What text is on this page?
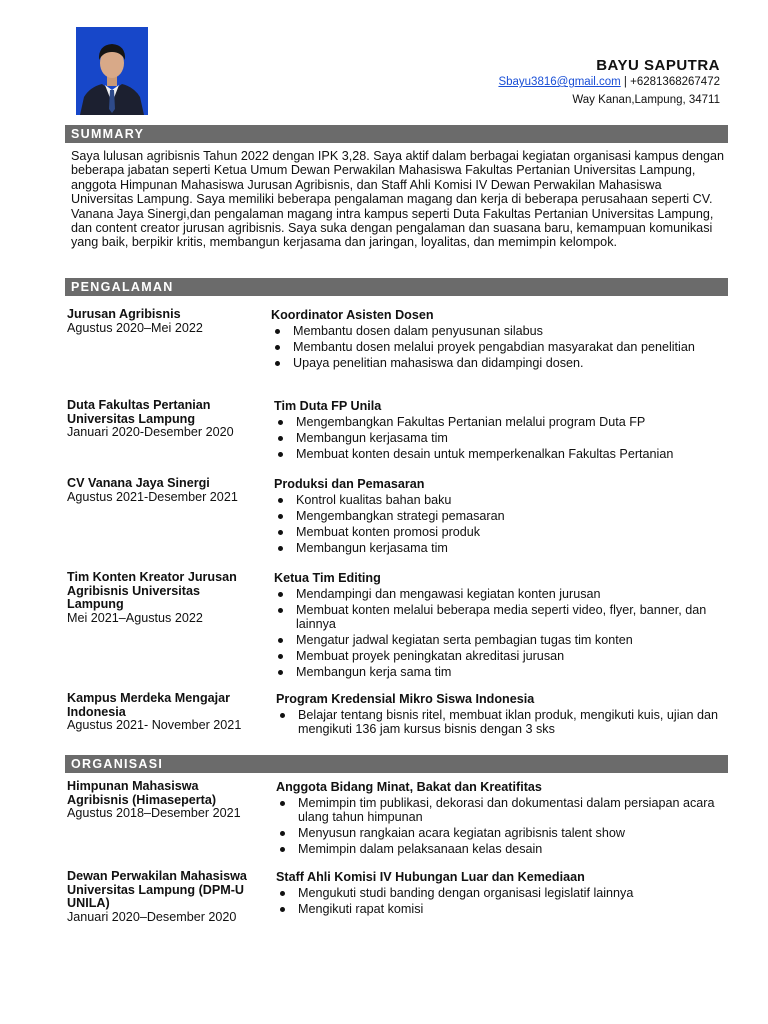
BAYU SAPUTRA
Sbayu3816@gmail.com | +6281368267472
Way Kanan,Lampung, 34711
SUMMARY
Saya lulusan agribisnis Tahun 2022 dengan IPK 3,28. Saya aktif dalam berbagai kegiatan organisasi kampus dengan beberapa jabatan seperti Ketua Umum Dewan Perwakilan Mahasiswa Fakultas Pertanian Universitas Lampung, anggota Himpunan Mahasiswa Jurusan Agribisnis, dan Staff Ahli Komisi IV Dewan Perwakilan Mahasiswa Universitas Lampung. Saya memiliki beberapa pengalaman magang dan kerja di beberapa perusahaan seperti CV. Vanana Jaya Sinergi,dan pengalaman magang intra kampus seperti Duta Fakultas Pertanian Universitas Lampung, dan content creator jurusan agribisnis. Saya suka dengan pengalaman dan suasana baru, kemampuan komunikasi yang baik, berpikir kritis, membangun kerjasama dan jaringan, loyalitas, dan memimpin kelompok.
PENGALAMAN
Jurusan Agribisnis
Agustus 2020–Mei 2022
Koordinator Asisten Dosen
Membantu dosen dalam penyusunan silabus
Membantu dosen melalui proyek pengabdian masyarakat dan penelitian
Upaya penelitian mahasiswa dan didampingi dosen.
Duta Fakultas Pertanian Universitas Lampung
Januari 2020-Desember 2020
Tim Duta FP Unila
Mengembangkan Fakultas Pertanian melalui program Duta FP
Membangun kerjasama tim
Membuat konten desain untuk memperkenalkan Fakultas Pertanian
CV Vanana Jaya Sinergi
Agustus 2021-Desember 2021
Produksi dan Pemasaran
Kontrol kualitas bahan baku
Mengembangkan strategi pemasaran
Membuat konten promosi produk
Membangun kerjasama tim
Tim Konten Kreator Jurusan Agribisnis Universitas Lampung
Mei 2021–Agustus 2022
Ketua Tim Editing
Mendampingi dan mengawasi kegiatan konten jurusan
Membuat konten melalui beberapa media seperti video, flyer, banner, dan lainnya
Mengatur jadwal kegiatan serta pembagian tugas tim konten
Membuat proyek peningkatan akreditasi jurusan
Membangun kerja sama tim
Kampus Merdeka Mengajar Indonesia
Agustus 2021- November 2021
Program Kredensial Mikro Siswa Indonesia
Belajar tentang bisnis ritel, membuat iklan produk, mengikuti kuis, ujian dan mengikuti 136 jam kursus bisnis dengan 3 sks
ORGANISASI
Himpunan Mahasiswa Agribisnis (Himaseperta)
Agustus 2018–Desember 2021
Anggota Bidang Minat, Bakat dan Kreatifitas
Memimpin tim publikasi, dekorasi dan dokumentasi dalam persiapan acara ulang tahun himpunan
Menyusun rangkaian acara kegiatan agribisnis talent show
Memimpin dalam pelaksanaan kelas desain
Dewan Perwakilan Mahasiswa Universitas Lampung (DPM-U UNILA)
Januari 2020–Desember 2020
Staff Ahli Komisi IV Hubungan Luar dan Kemediaan
Mengukuti studi banding dengan organisasi legislatif lainnya
Mengikuti rapat komisi
